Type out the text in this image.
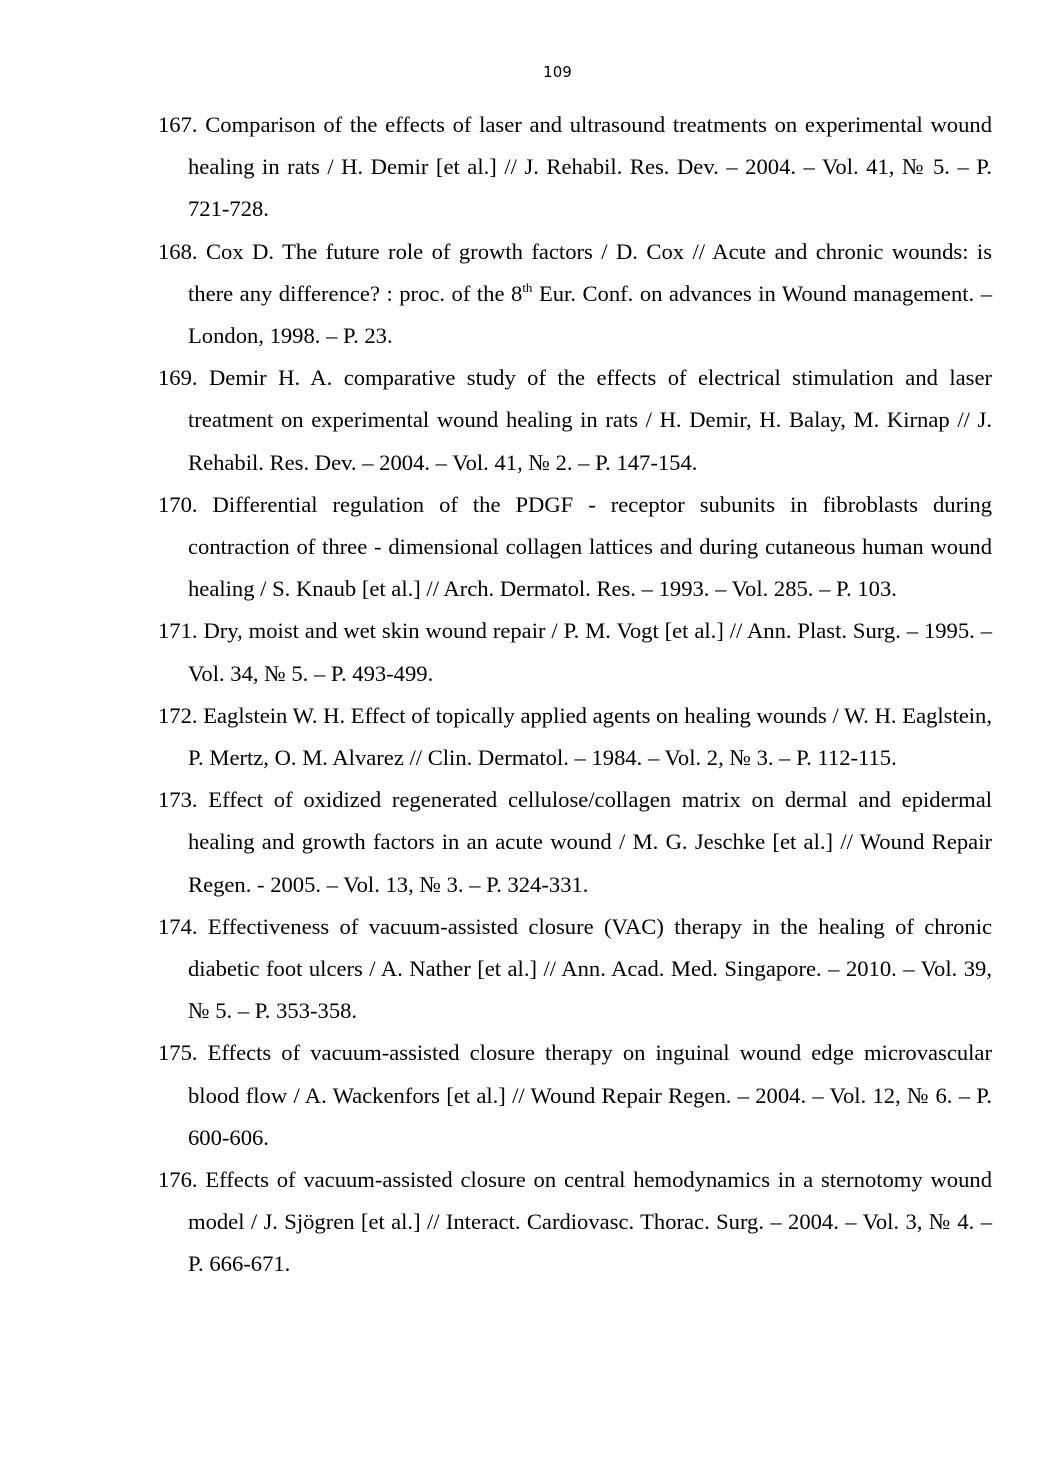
109
167. Comparison of the effects of laser and ultrasound treatments on experimental wound healing in rats / H. Demir [et al.] // J. Rehabil. Res. Dev. – 2004. – Vol. 41, № 5. – P. 721-728.
168. Cox D. The future role of growth factors / D. Cox // Acute and chronic wounds: is there any difference? : proc. of the 8th Eur. Conf. on advances in Wound management. – London, 1998. – P. 23.
169. Demir H. A. comparative study of the effects of electrical stimulation and laser treatment on experimental wound healing in rats / H. Demir, H. Balay, M. Kirnap // J. Rehabil. Res. Dev. – 2004. – Vol. 41, № 2. – P. 147-154.
170. Differential regulation of the PDGF - receptor subunits in fibroblasts during contraction of three - dimensional collagen lattices and during cutaneous human wound healing / S. Knaub [et al.] // Arch. Dermatol. Res. – 1993. – Vol. 285. – P. 103.
171. Dry, moist and wet skin wound repair / P. M. Vogt [et al.] // Ann. Plast. Surg. – 1995. – Vol. 34, № 5. – P. 493-499.
172. Eaglstein W. H. Effect of topically applied agents on healing wounds / W. H. Eaglstein, P. Mertz, O. M. Alvarez // Clin. Dermatol. – 1984. – Vol. 2, № 3. – P. 112-115.
173. Effect of oxidized regenerated cellulose/collagen matrix on dermal and epidermal healing and growth factors in an acute wound / M. G. Jeschke [et al.] // Wound Repair Regen. - 2005. – Vol. 13, № 3. – P. 324-331.
174. Effectiveness of vacuum-assisted closure (VAC) therapy in the healing of chronic diabetic foot ulcers / A. Nather [et al.] // Ann. Acad. Med. Singapore. – 2010. – Vol. 39, № 5. – P. 353-358.
175. Effects of vacuum-assisted closure therapy on inguinal wound edge microvascular blood flow / A. Wackenfors [et al.] // Wound Repair Regen. – 2004. – Vol. 12, № 6. – P. 600-606.
176. Effects of vacuum-assisted closure on central hemodynamics in a sternotomy wound model / J. Sjögren [et al.] // Interact. Cardiovasc. Thorac. Surg. – 2004. – Vol. 3, № 4. – P. 666-671.
